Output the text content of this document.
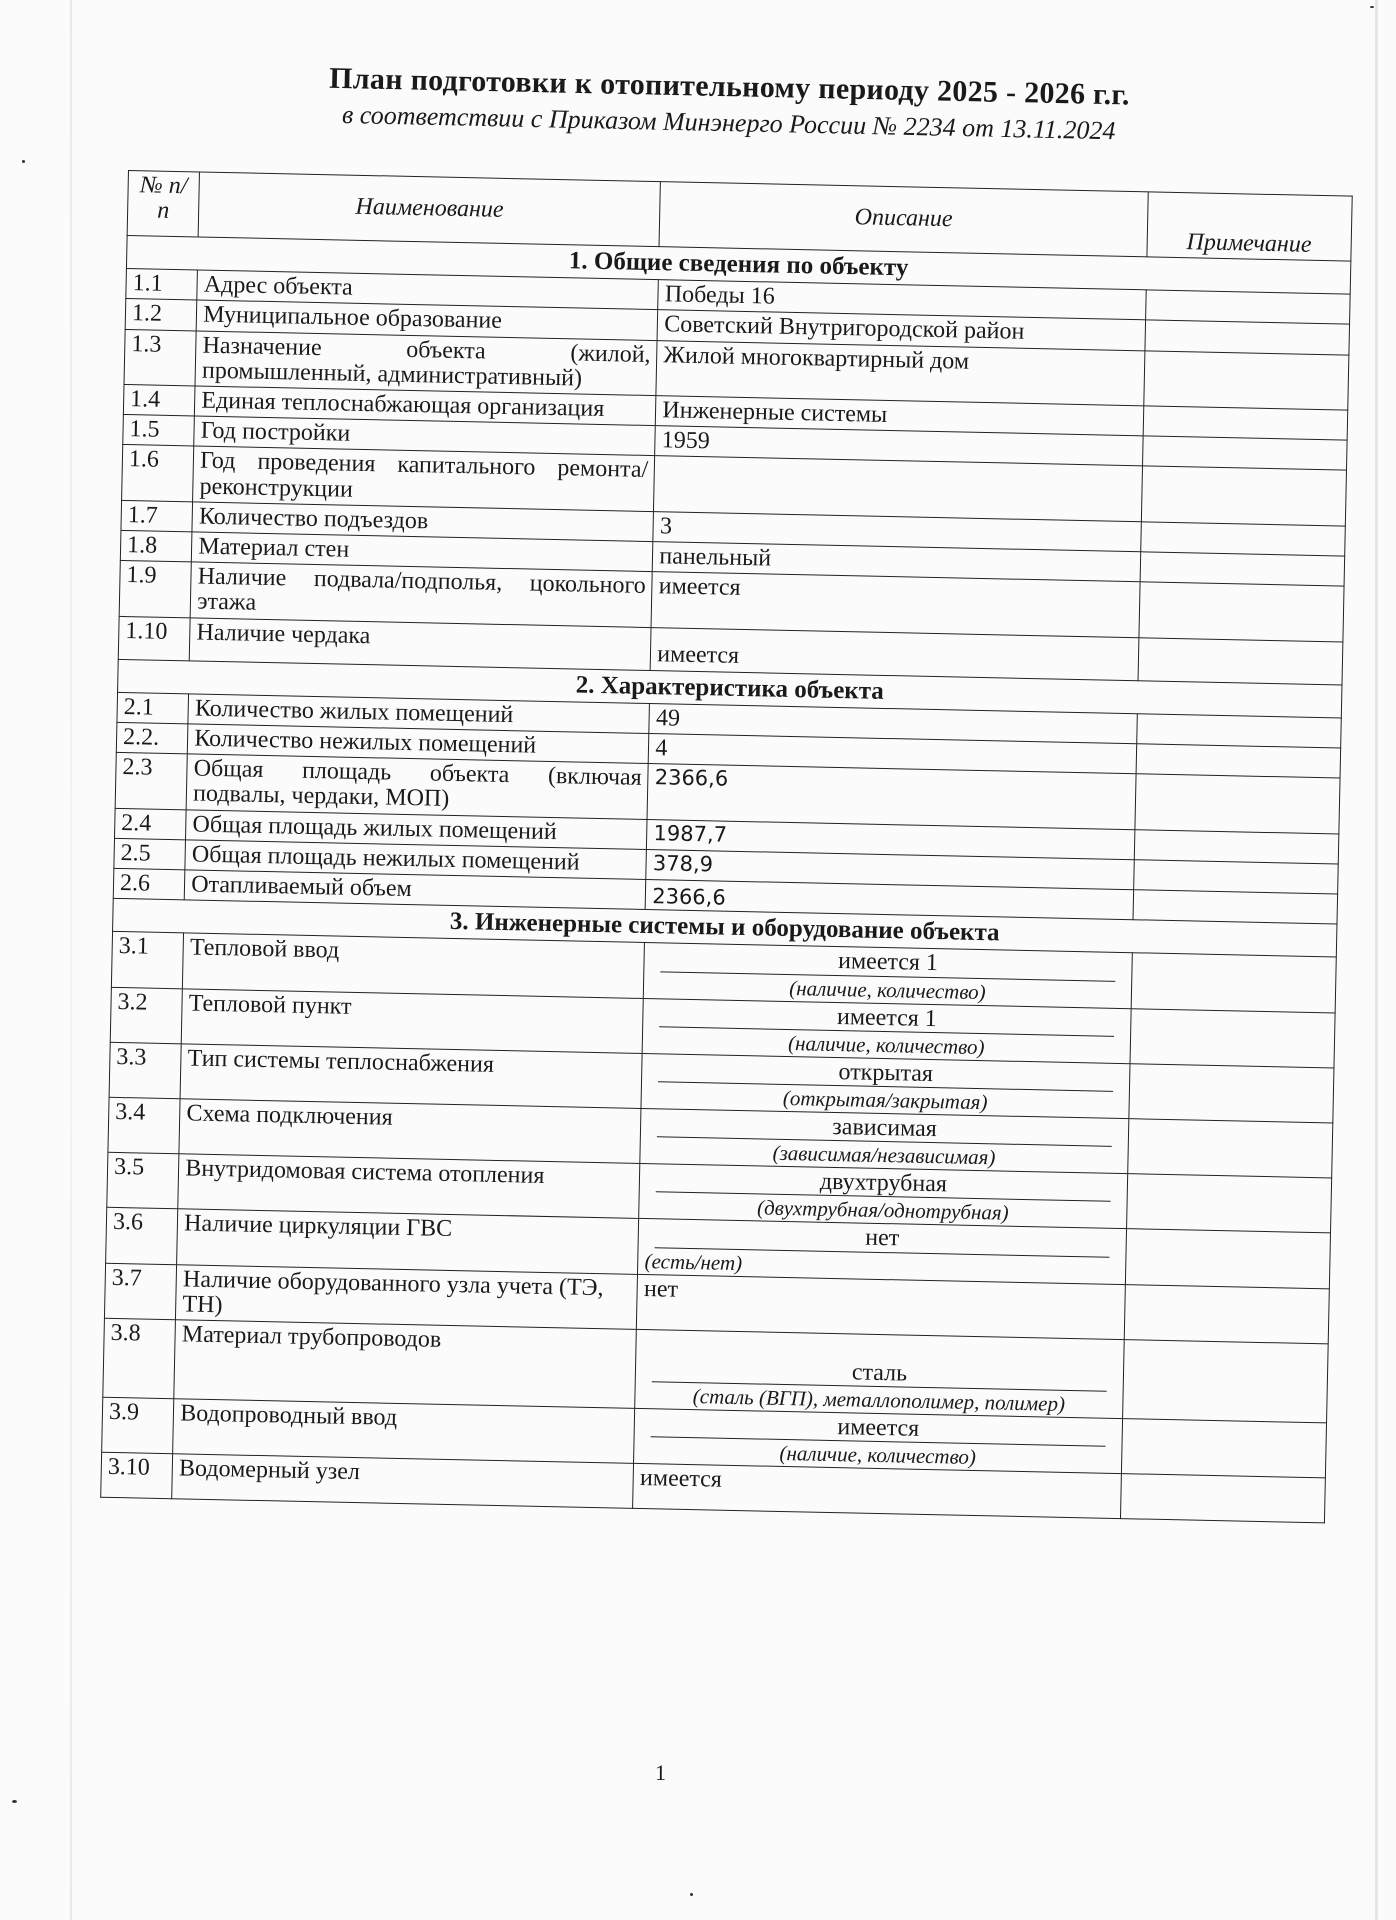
План подготовки к отопительному периоду 2025 - 2026 г.г.

в соответствии с Приказом Минэнерго России № 2234 от 13.11.2024

№ п/п	Наименование	Описание	Примечание
1. Общие сведения по объекту			
1.1	Адрес объекта	Победы 16	
1.2	Муниципальное образование	Советский Внутригородской район	
1.3	Назначение объекта (жилой, промышленный, административный)	Жилой многоквартирный дом	
1.4	Единая теплоснабжающая организация	Инженерные системы	
1.5	Год постройки	1959	
1.6	Год проведения капитального ремонта/реконструкции		
1.7	Количество подъездов	3	
1.8	Материал стен	панельный	
1.9	Наличие подвала/подполья, цокольного этажа	имеется	
1.10	Наличие чердака	имеется	
2. Характеристика объекта			
2.1	Количество жилых помещений	49	
2.2.	Количество нежилых помещений	4	
2.3	Общая площадь объекта (включая подвалы, чердаки, МОП)	2366,6	
2.4	Общая площадь жилых помещений	1987,7	
2.5	Общая площадь нежилых помещений	378,9	
2.6	Отапливаемый объем	2366,6	
3. Инженерные системы и оборудование объекта			
3.1	Тепловой ввод	имеется 1
(наличие, количество)	

3.2	Тепловой пункт	имеется 1
(наличие, количество)	

3.3	Тип системы теплоснабжения	открытая
(открытая/закрытая)	

3.4	Схема подключения	зависимая
(зависимая/независимая)	

3.5	Внутридомовая система отопления	двухтрубная
(двухтрубная/однотрубная)	

3.6	Наличие циркуляции ГВС	нет
(есть/нет)	

3.7	Наличие оборудованного узла учета (ТЭ, ТН)	нет	
3.8	Материал трубопроводов	сталь
(сталь (ВГП), металлополимер, полимер)	

3.9	Водопроводный ввод	имеется
(наличие, количество)	

3.10	Водомерный узел	имеется	
1
